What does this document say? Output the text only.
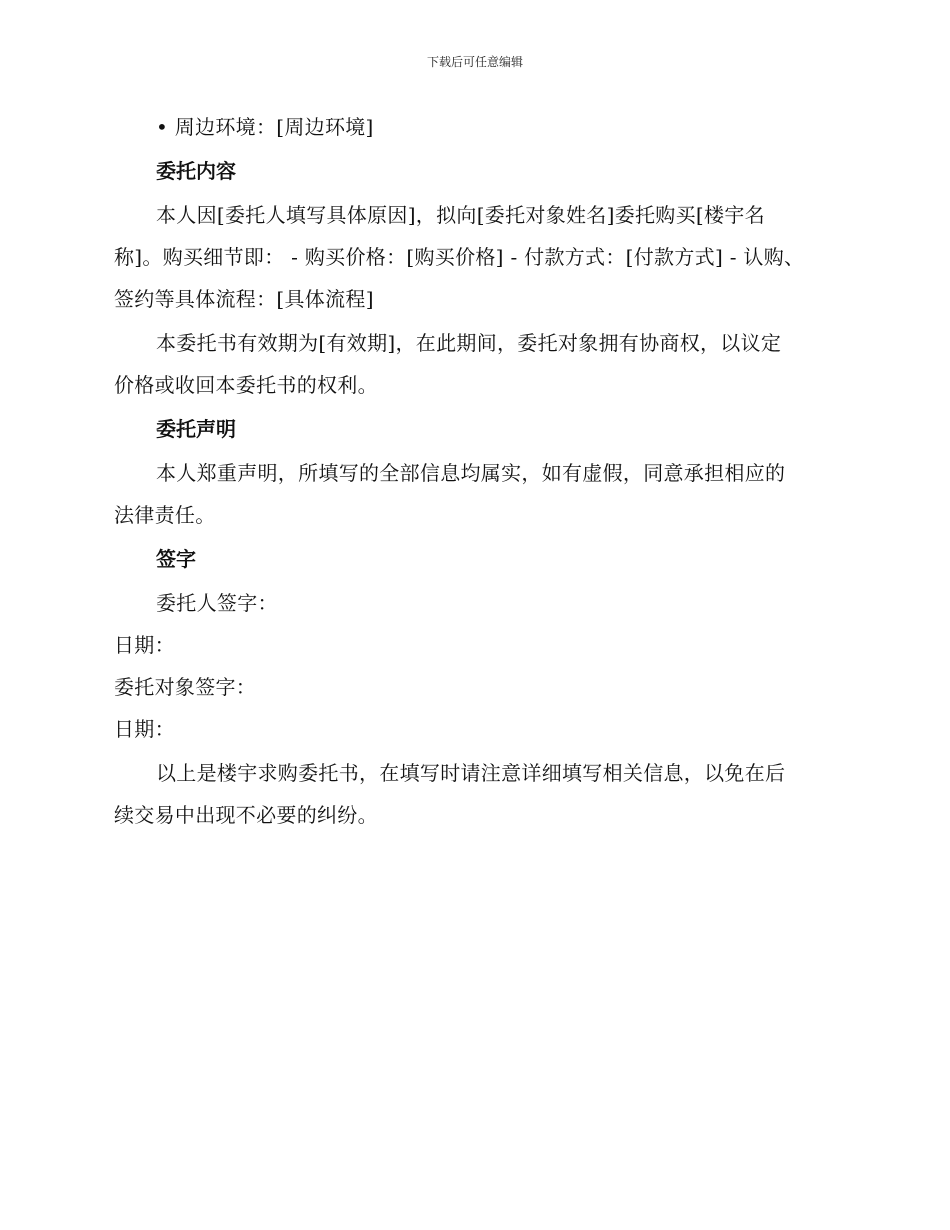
下载后可任意编辑
• 周边环境：[周边环境]
委托内容
本人因[委托人填写具体原因]，拟向[委托对象姓名]委托购买[楼宇名
称]。购买细节即： - 购买价格：[购买价格] - 付款方式：[付款方式] - 认购、
签约等具体流程：[具体流程]
本委托书有效期为[有效期]，在此期间，委托对象拥有协商权，以议定
价格或收回本委托书的权利。
委托声明
本人郑重声明，所填写的全部信息均属实，如有虚假，同意承担相应的
法律责任。
签字
委托人签字：
日期：
委托对象签字：
日期：
以上是楼宇求购委托书，在填写时请注意详细填写相关信息，以免在后
续交易中出现不必要的纠纷。
